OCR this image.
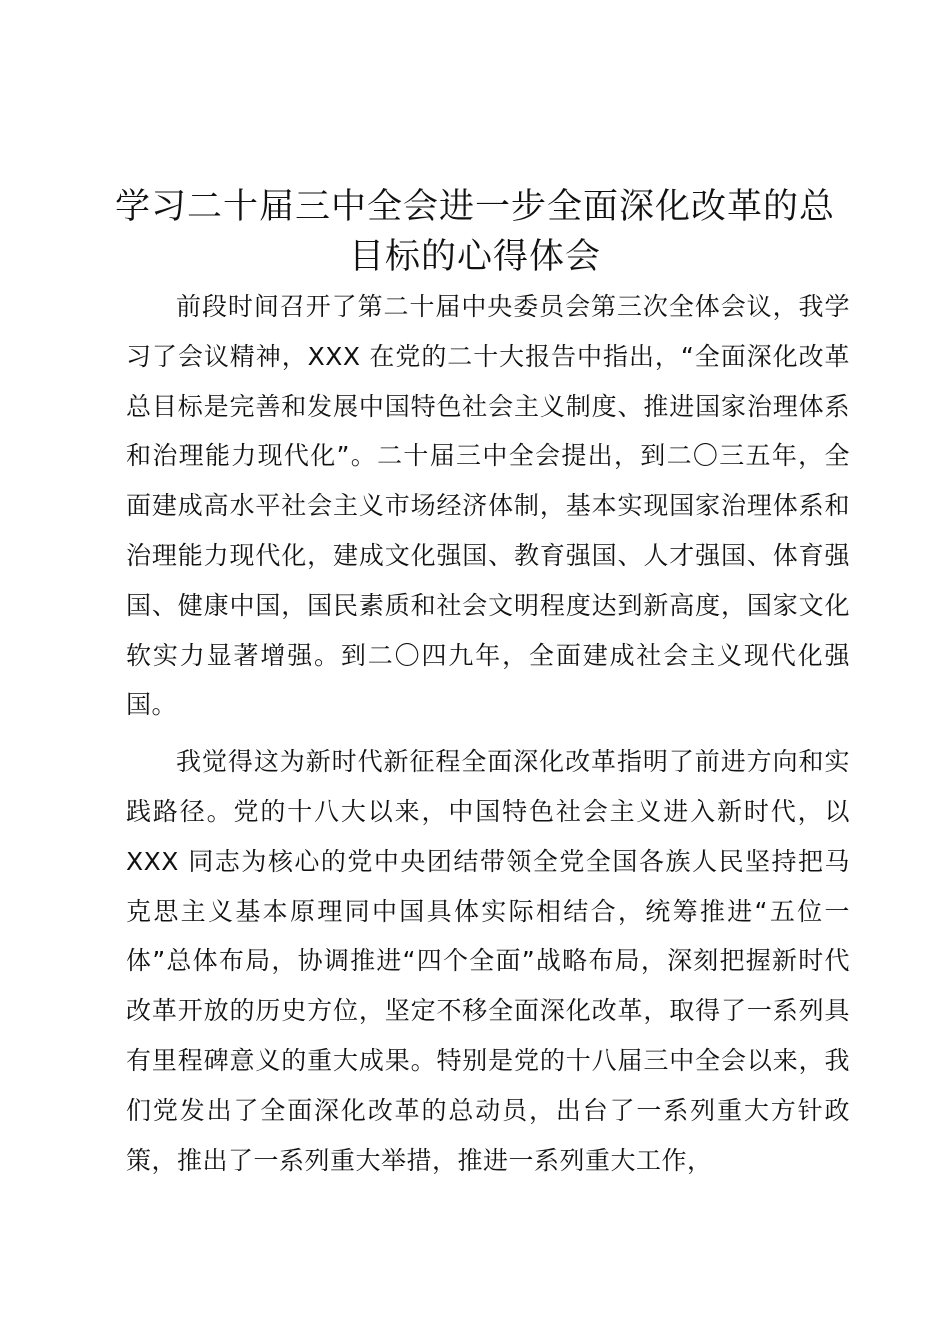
学习二十届三中全会进一步全面深化改革的总目标的心得体会

前段时间召开了第二十届中央委员会第三次全体会议，我学习了会议精神，XXX 在党的二十大报告中指出，“全面深化改革总目标是完善和发展中国特色社会主义制度、推进国家治理体系和治理能力现代化”。二十届三中全会提出，到二〇三五年，全面建成高水平社会主义市场经济体制，基本实现国家治理体系和治理能力现代化，建成文化强国、教育强国、人才强国、体育强国、健康中国，国民素质和社会文明程度达到新高度，国家文化软实力显著增强。到二〇四九年，全面建成社会主义现代化强国。

我觉得这为新时代新征程全面深化改革指明了前进方向和实践路径。党的十八大以来，中国特色社会主义进入新时代，以 XXX 同志为核心的党中央团结带领全党全国各族人民坚持把马克思主义基本原理同中国具体实际相结合，统筹推进“五位一体”总体布局，协调推进“四个全面”战略布局，深刻把握新时代改革开放的历史方位，坚定不移全面深化改革，取得了一系列具有里程碑意义的重大成果。特别是党的十八届三中全会以来，我们党发出了全面深化改革的总动员，出台了一系列重大方针政策，推出了一系列重大举措，推进一系列重大工作，
